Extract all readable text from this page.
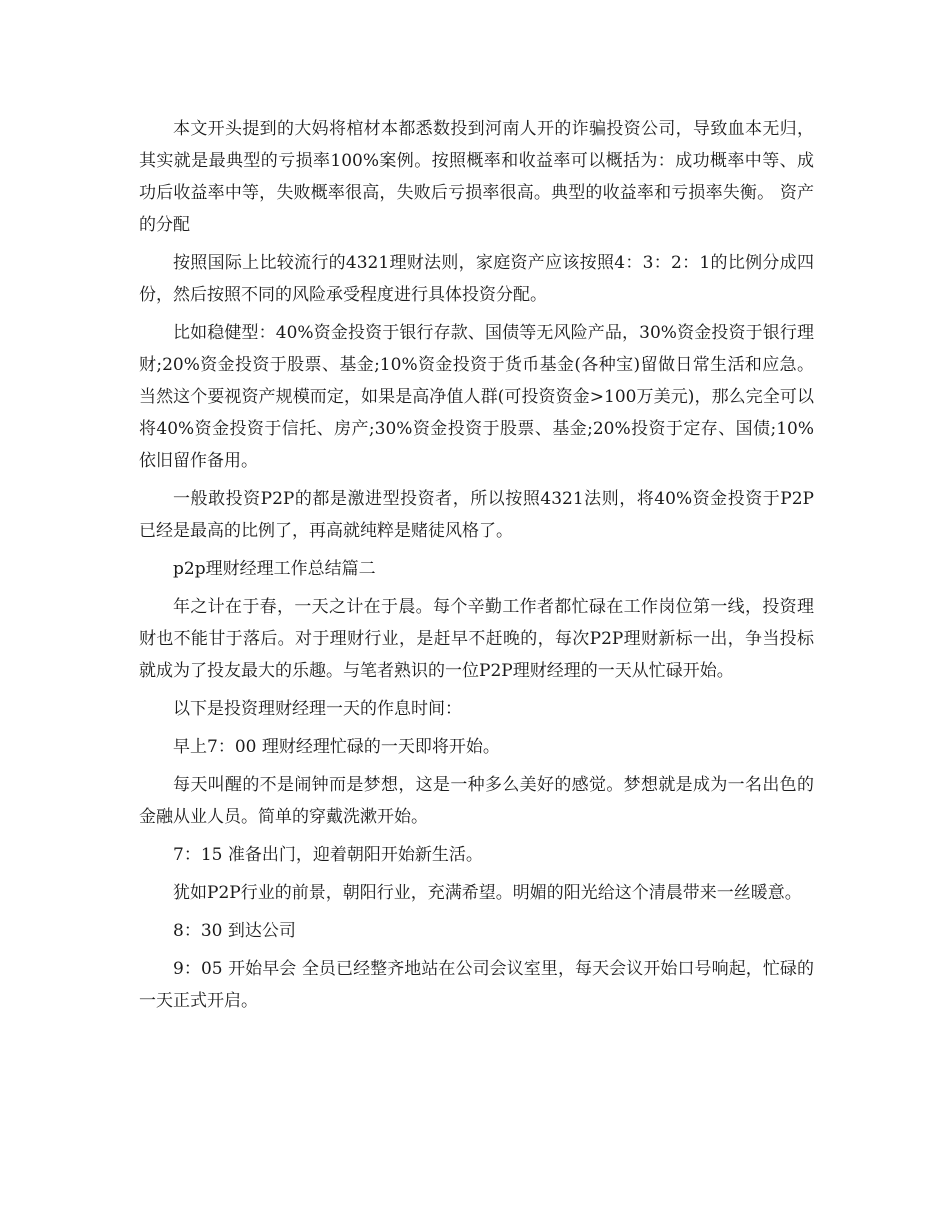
本文开头提到的大妈将棺材本都悉数投到河南人开的诈骗投资公司，导致血本无归，其实就是最典型的亏损率100%案例。按照概率和收益率可以概括为：成功概率中等、成功后收益率中等，失败概率很高，失败后亏损率很高。典型的收益率和亏损率失衡。 资产的分配

按照国际上比较流行的4321理财法则，家庭资产应该按照4：3：2：1的比例分成四份，然后按照不同的风险承受程度进行具体投资分配。

比如稳健型：40%资金投资于银行存款、国债等无风险产品，30%资金投资于银行理财;20%资金投资于股票、基金;10%资金投资于货币基金(各种宝)留做日常生活和应急。 当然这个要视资产规模而定，如果是高净值人群(可投资资金>100万美元)，那么完全可以将40%资金投资于信托、房产;30%资金投资于股票、基金;20%投资于定存、国债;10%依旧留作备用。

一般敢投资P2P的都是激进型投资者，所以按照4321法则，将40%资金投资于P2P已经是最高的比例了，再高就纯粹是赌徒风格了。

p2p理财经理工作总结篇二

年之计在于春，一天之计在于晨。每个辛勤工作者都忙碌在工作岗位第一线，投资理财也不能甘于落后。对于理财行业，是赶早不赶晚的，每次P2P理财新标一出，争当投标就成为了投友最大的乐趣。与笔者熟识的一位P2P理财经理的一天从忙碌开始。

以下是投资理财经理一天的作息时间：

早上7：00 理财经理忙碌的一天即将开始。

每天叫醒的不是闹钟而是梦想，这是一种多么美好的感觉。梦想就是成为一名出色的金融从业人员。简单的穿戴洗漱开始。

7：15 准备出门，迎着朝阳开始新生活。

犹如P2P行业的前景，朝阳行业，充满希望。明媚的阳光给这个清晨带来一丝暖意。

8：30 到达公司

9：05 开始早会 全员已经整齐地站在公司会议室里，每天会议开始口号响起，忙碌的一天正式开启。
